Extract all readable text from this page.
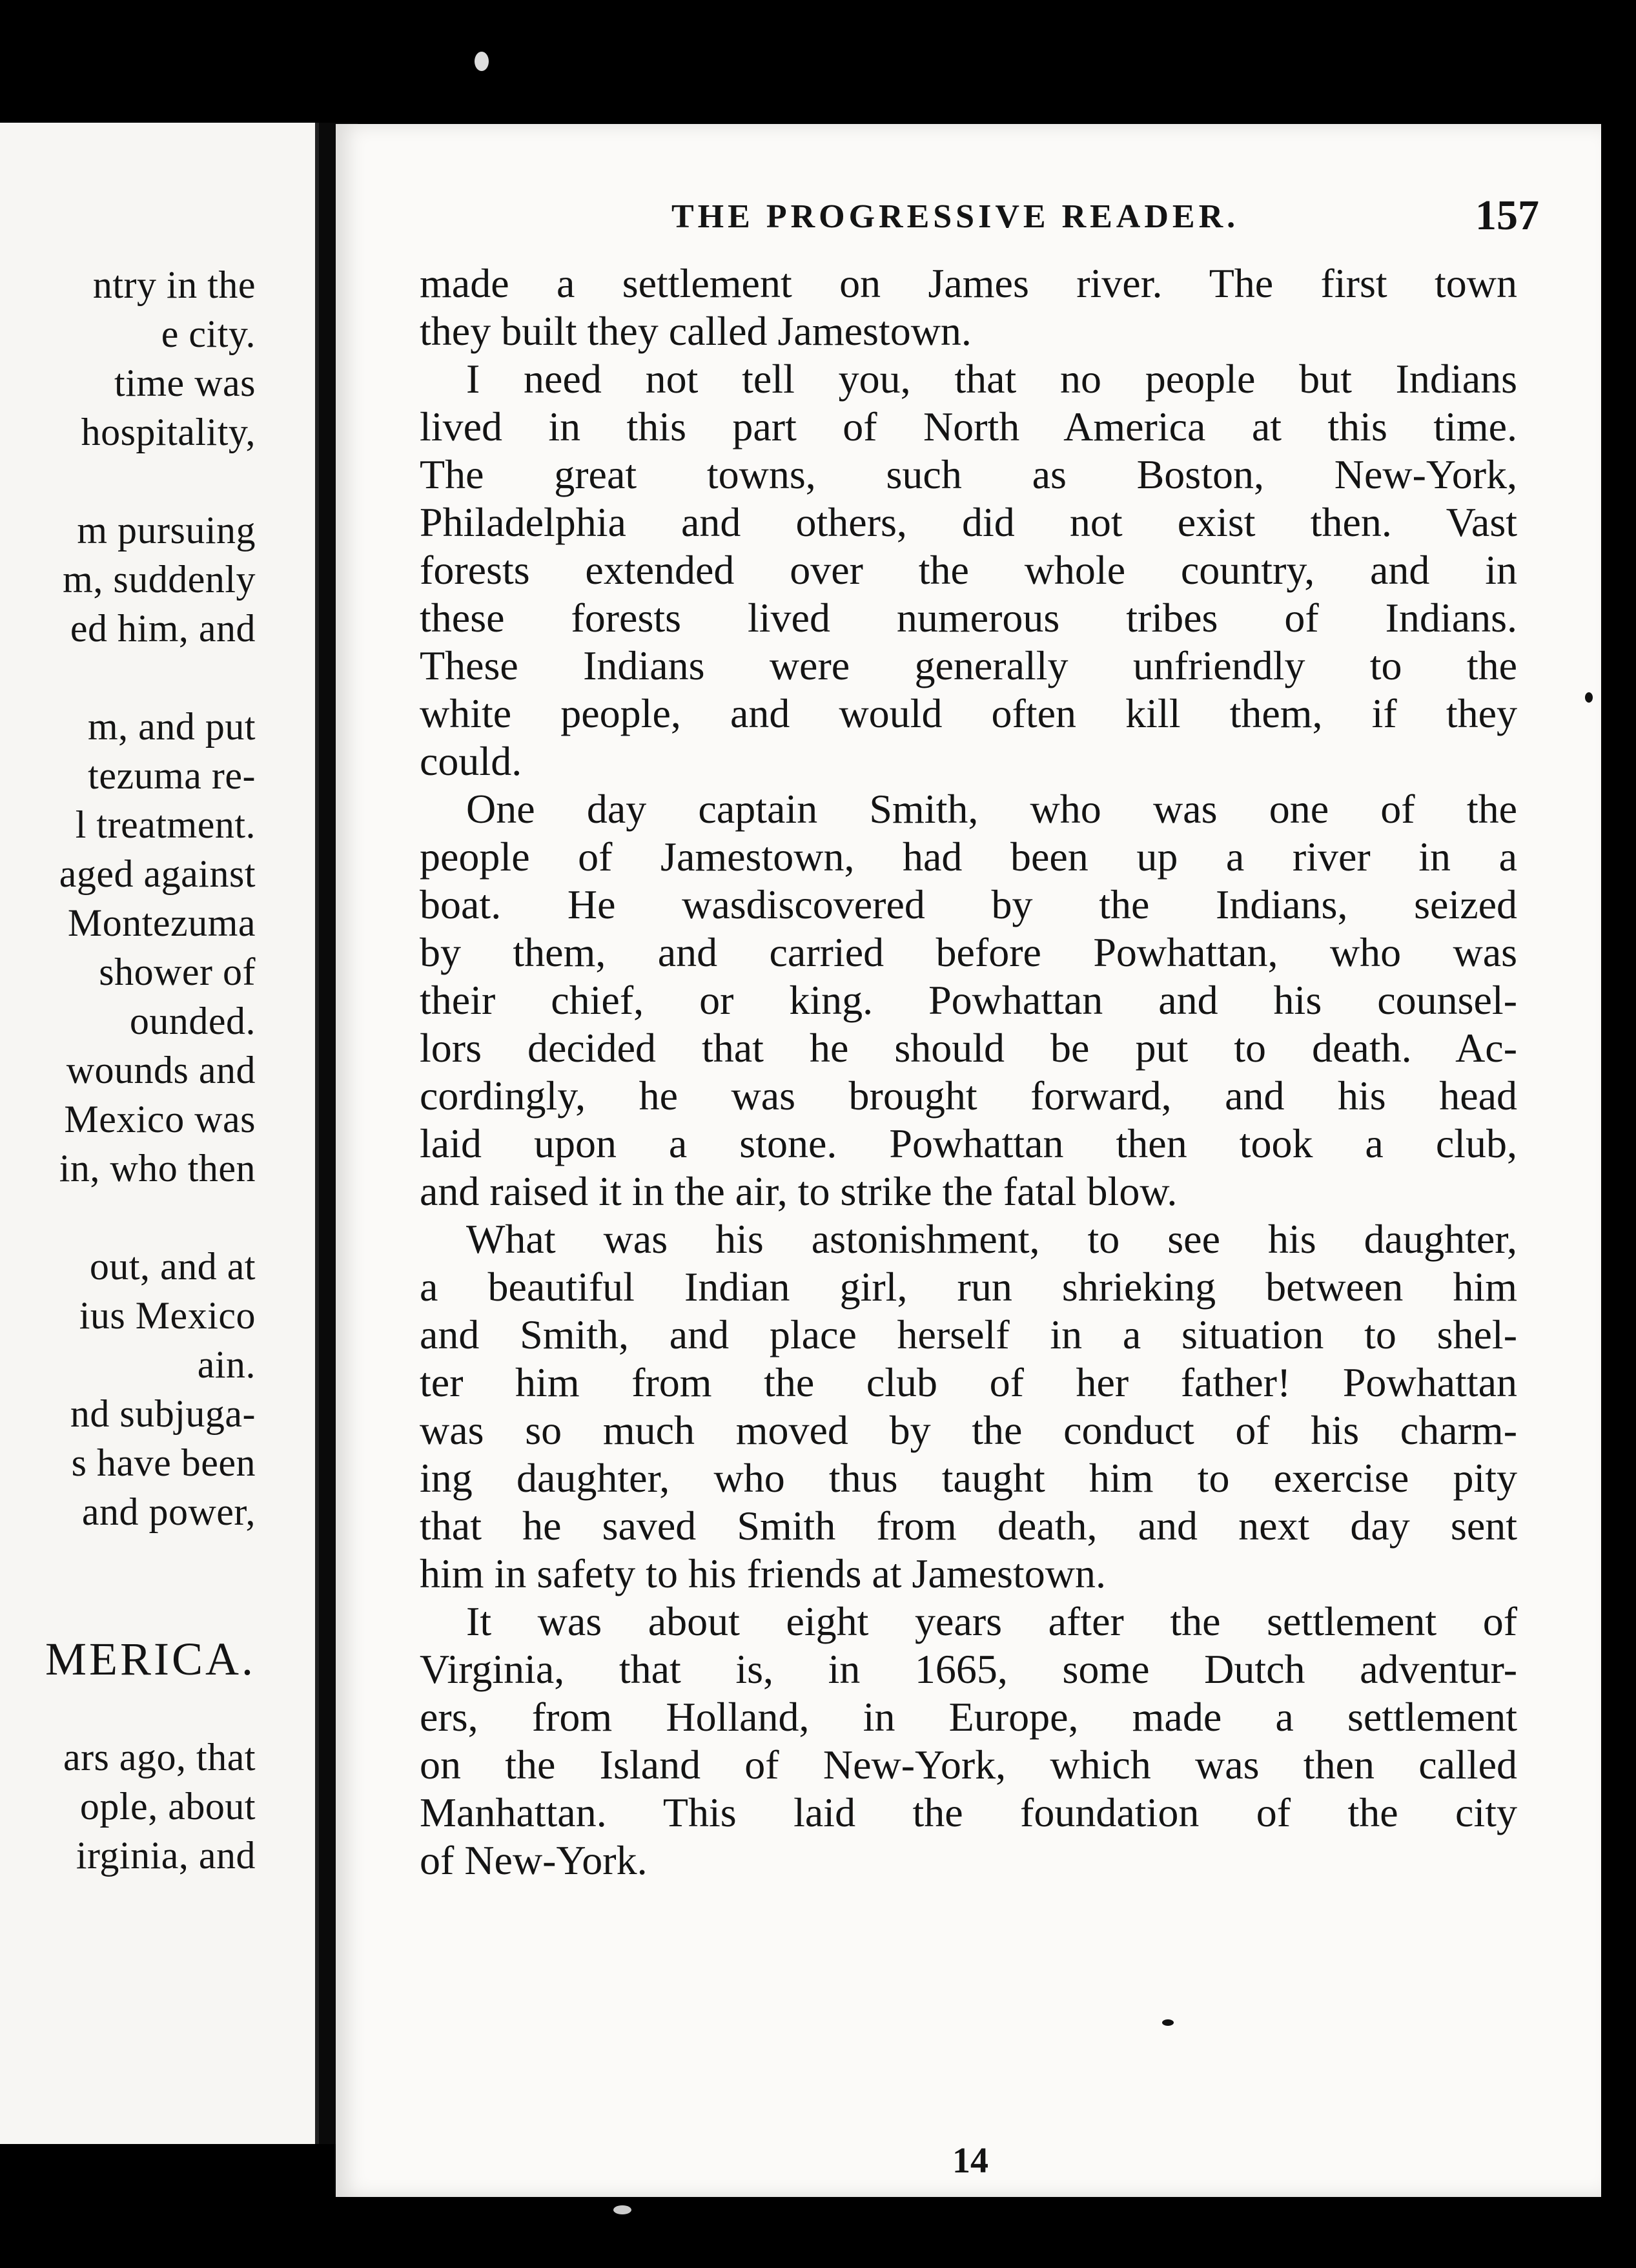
ntry in the
e city.
time was
hospitality,
m pursuing
m, suddenly
ed him, and
m, and put
tezuma re-
l treatment.
aged against
Montezuma
shower of
ounded.
wounds and
Mexico was
in, who then
out, and at
ius Mexico
ain.
nd subjuga-
s have been
and power,
MERICA.
ars ago, that
ople, about
irginia, and
THE PROGRESSIVE READER.	157
made a settlement on James river. The first town
they built they called Jamestown.
I need not tell you, that no people but Indians
lived in this part of North America at this time.
The great towns, such as Boston, New-York,
Philadelphia and others, did not exist then. Vast
forests extended over the whole country, and in
these forests lived numerous tribes of Indians.
These Indians were generally unfriendly to the
white people, and would often kill them, if they
could.
One day captain Smith, who was one of the
people of Jamestown, had been up a river in a
boat. He wasdiscovered by the Indians, seized
by them, and carried before Powhattan, who was
their chief, or king. Powhattan and his counsel-
lors decided that he should be put to death. Ac-
cordingly, he was brought forward, and his head
laid upon a stone. Powhattan then took a club,
and raised it in the air, to strike the fatal blow.
What was his astonishment, to see his daughter,
a beautiful Indian girl, run shrieking between him
and Smith, and place herself in a situation to shel-
ter him from the club of her father! Powhattan
was so much moved by the conduct of his charm-
ing daughter, who thus taught him to exercise pity
that he saved Smith from death, and next day sent
him in safety to his friends at Jamestown.
It was about eight years after the settlement of
Virginia, that is, in 1665, some Dutch adventur-
ers, from Holland, in Europe, made a settlement
on the Island of New-York, which was then called
Manhattan. This laid the foundation of the city
of New-York.
14
